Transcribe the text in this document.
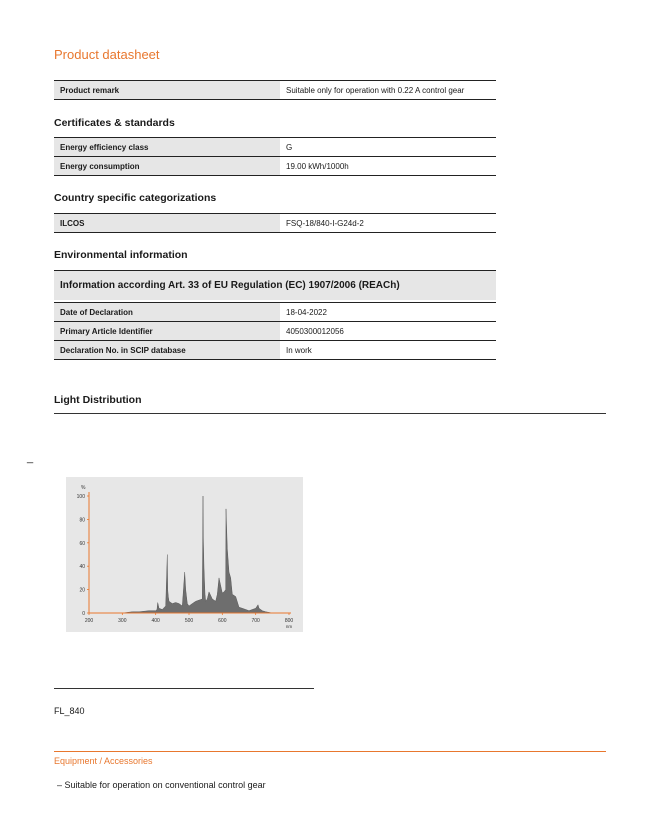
Product datasheet
Product remark	Suitable only for operation with 0.22 A control gear
Certificates & standards
Energy efficiency class	G
Energy consumption	19.00 kWh/1000h
Country specific categorizations
ILCOS	FSQ-18/840-I-G24d-2
Environmental information
Information according Art. 33 of EU Regulation (EC) 1907/2006 (REACh)
Date of Declaration	18-04-2022
Primary Article Identifier	4050300012056
Declaration No. in SCIP database	In work
Light Distribution
_
0
20
40
60
80
100
200	300	400	500	600	700	800
%
nm
FL_840
Equipment / Accessories
– Suitable for operation on conventional control gear
